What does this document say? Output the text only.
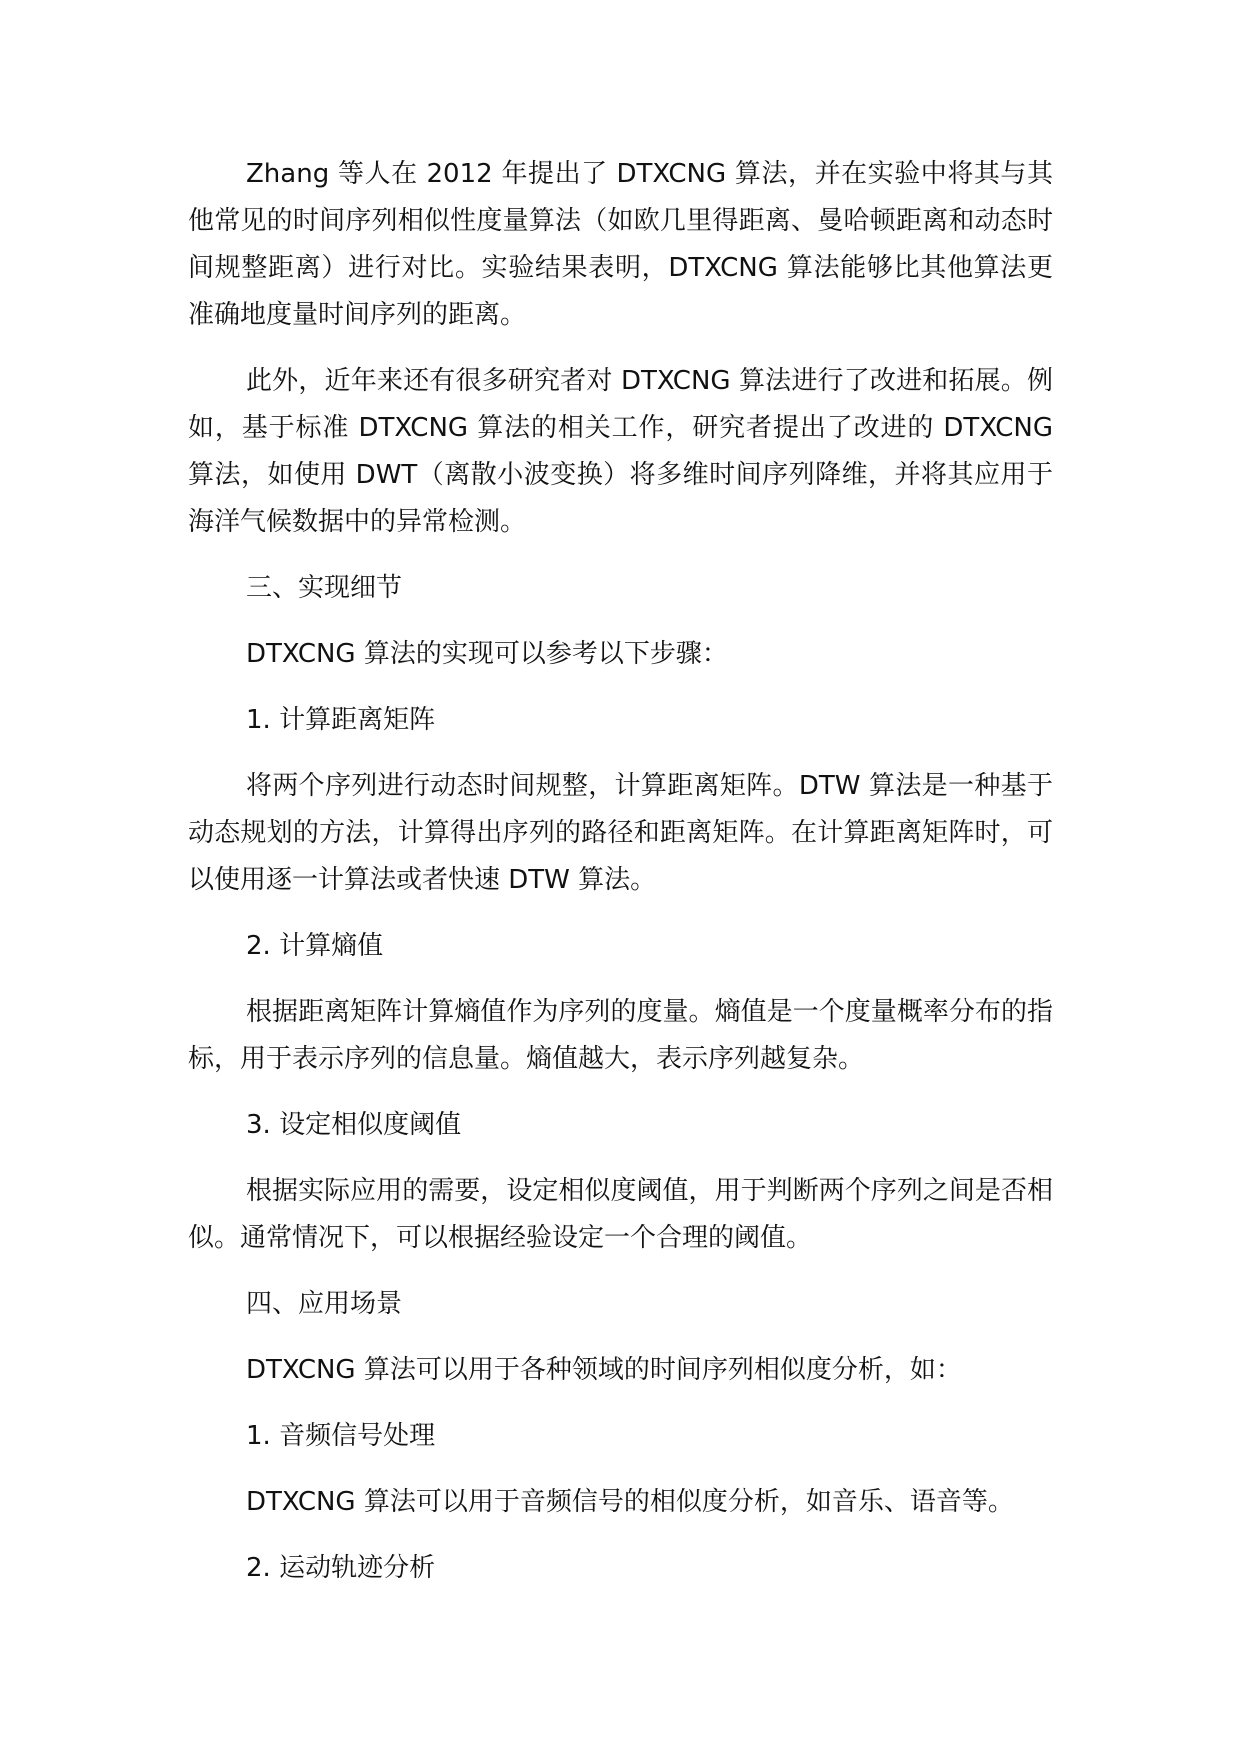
Zhang 等人在 2012 年提出了 DTXCNG 算法，并在实验中将其与其他常见的时间序列相似性度量算法（如欧几里得距离、曼哈顿距离和动态时间规整距离）进行对比。实验结果表明，DTXCNG 算法能够比其他算法更准确地度量时间序列的距离。

此外，近年来还有很多研究者对 DTXCNG 算法进行了改进和拓展。例如，基于标准 DTXCNG 算法的相关工作，研究者提出了改进的 DTXCNG 算法，如使用 DWT（离散小波变换）将多维时间序列降维，并将其应用于海洋气候数据中的异常检测。

三、实现细节

DTXCNG 算法的实现可以参考以下步骤：

1. 计算距离矩阵

将两个序列进行动态时间规整，计算距离矩阵。DTW 算法是一种基于动态规划的方法，计算得出序列的路径和距离矩阵。在计算距离矩阵时，可以使用逐一计算法或者快速 DTW 算法。

2. 计算熵值

根据距离矩阵计算熵值作为序列的度量。熵值是一个度量概率分布的指标，用于表示序列的信息量。熵值越大，表示序列越复杂。

3. 设定相似度阈值

根据实际应用的需要，设定相似度阈值，用于判断两个序列之间是否相似。通常情况下，可以根据经验设定一个合理的阈值。

四、应用场景

DTXCNG 算法可以用于各种领域的时间序列相似度分析，如：

1. 音频信号处理

DTXCNG 算法可以用于音频信号的相似度分析，如音乐、语音等。

2. 运动轨迹分析
